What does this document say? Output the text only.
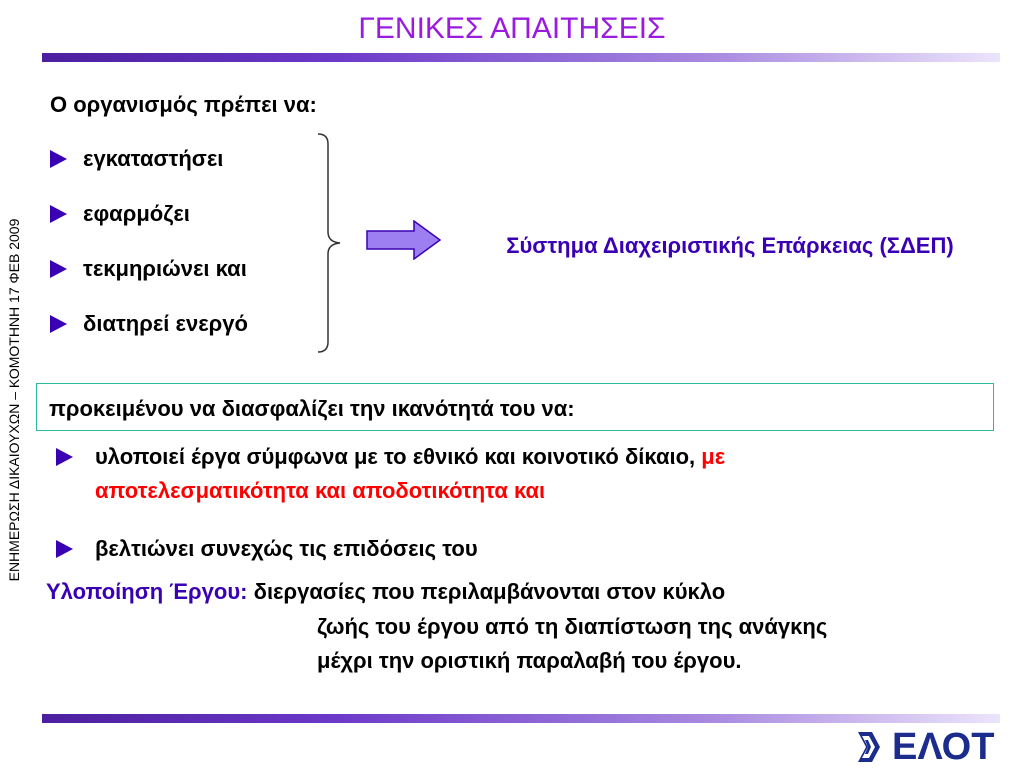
ΓΕΝΙΚΕΣ ΑΠΑΙΤΗΣΕΙΣ
ΕΝΗΜΕΡΩΣΗ ΔΙΚΑΙΟΥΧΩΝ – ΚΟΜΟΤΗΝΗ 17 ΦΕΒ 2009
Ο οργανισμός πρέπει να:
εγκαταστήσει
εφαρμόζει
τεκμηριώνει και
διατηρεί ενεργό
Σύστημα Διαχειριστικής Επάρκειας (ΣΔΕΠ)
προκειμένου να διασφαλίζει την ικανότητά του να:
υλοποιεί έργα σύμφωνα με το εθνικό και κοινοτικό δίκαιο, με αποτελεσματικότητα και αποδοτικότητα και
βελτιώνει συνεχώς τις επιδόσεις του
Υλοποίηση Έργου: διεργασίες που περιλαμβάνονται στον κύκλο
ζωής του έργου από τη διαπίστωση της ανάγκης
μέχρι την οριστική παραλαβή του έργου.
ΕΛΟΤ
